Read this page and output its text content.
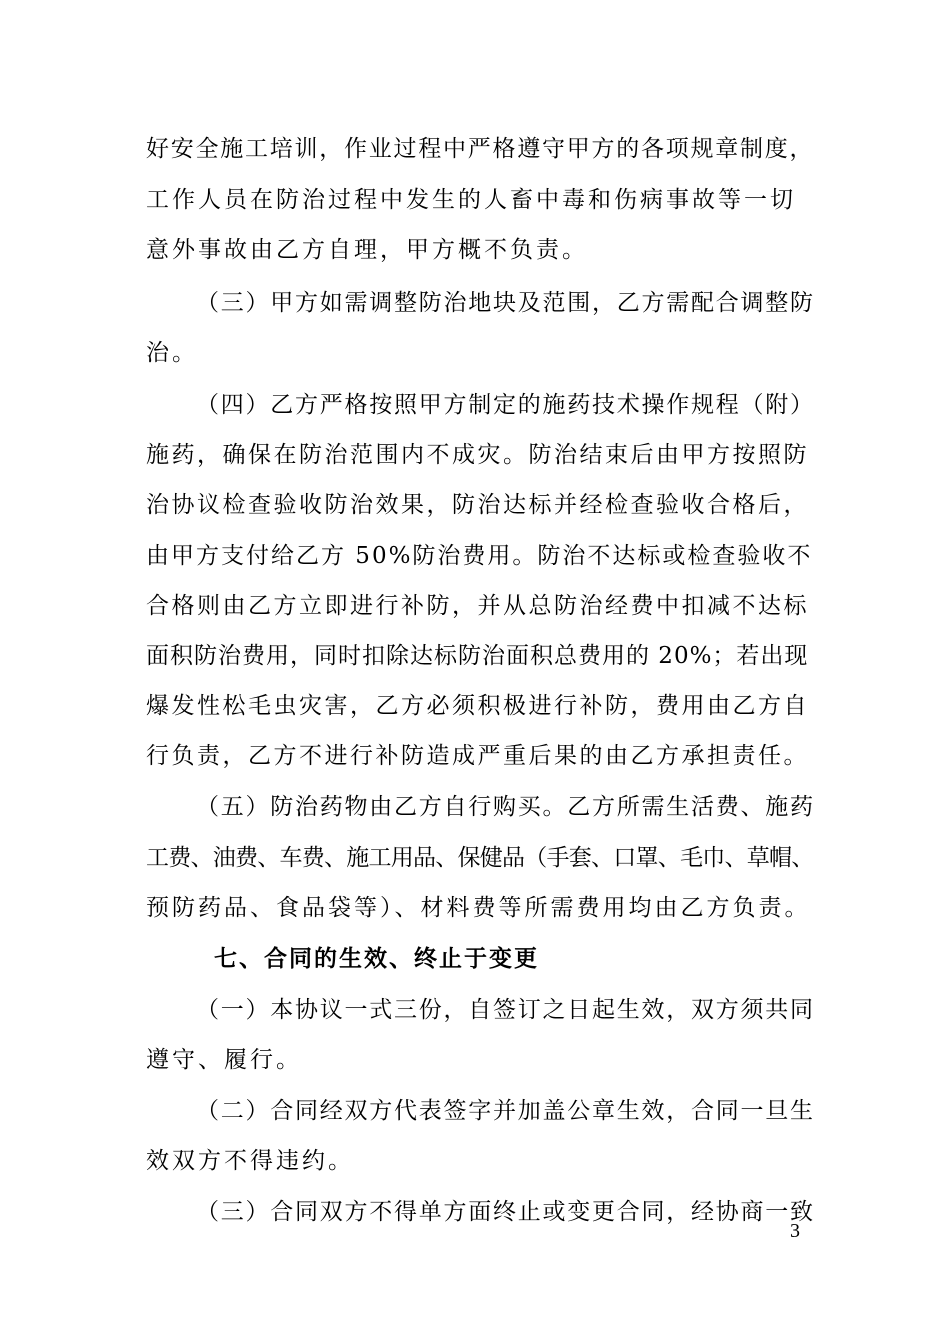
好安全施工培训，作业过程中严格遵守甲方的各项规章制度，
工作人员在防治过程中发生的人畜中毒和伤病事故等一切
意外事故由乙方自理，甲方概不负责。
（三）甲方如需调整防治地块及范围，乙方需配合调整防
治。
（四）乙方严格按照甲方制定的施药技术操作规程（附）
施药，确保在防治范围内不成灾。防治结束后由甲方按照防
治协议检查验收防治效果，防治达标并经检查验收合格后，
由甲方支付给乙方 50%防治费用。防治不达标或检查验收不
合格则由乙方立即进行补防，并从总防治经费中扣减不达标
面积防治费用，同时扣除达标防治面积总费用的 20%；若出现
爆发性松毛虫灾害，乙方必须积极进行补防，费用由乙方自
行负责，乙方不进行补防造成严重后果的由乙方承担责任。
（五）防治药物由乙方自行购买。乙方所需生活费、施药
工费、油费、车费、施工用品、保健品（手套、口罩、毛巾、草帽、
预防药品、食品袋等）、材料费等所需费用均由乙方负责。
七、合同的生效、终止于变更
（一）本协议一式三份，自签订之日起生效，双方须共同
遵守、履行。
（二）合同经双方代表签字并加盖公章生效，合同一旦生
效双方不得违约。
（三）合同双方不得单方面终止或变更合同，经协商一致
3
